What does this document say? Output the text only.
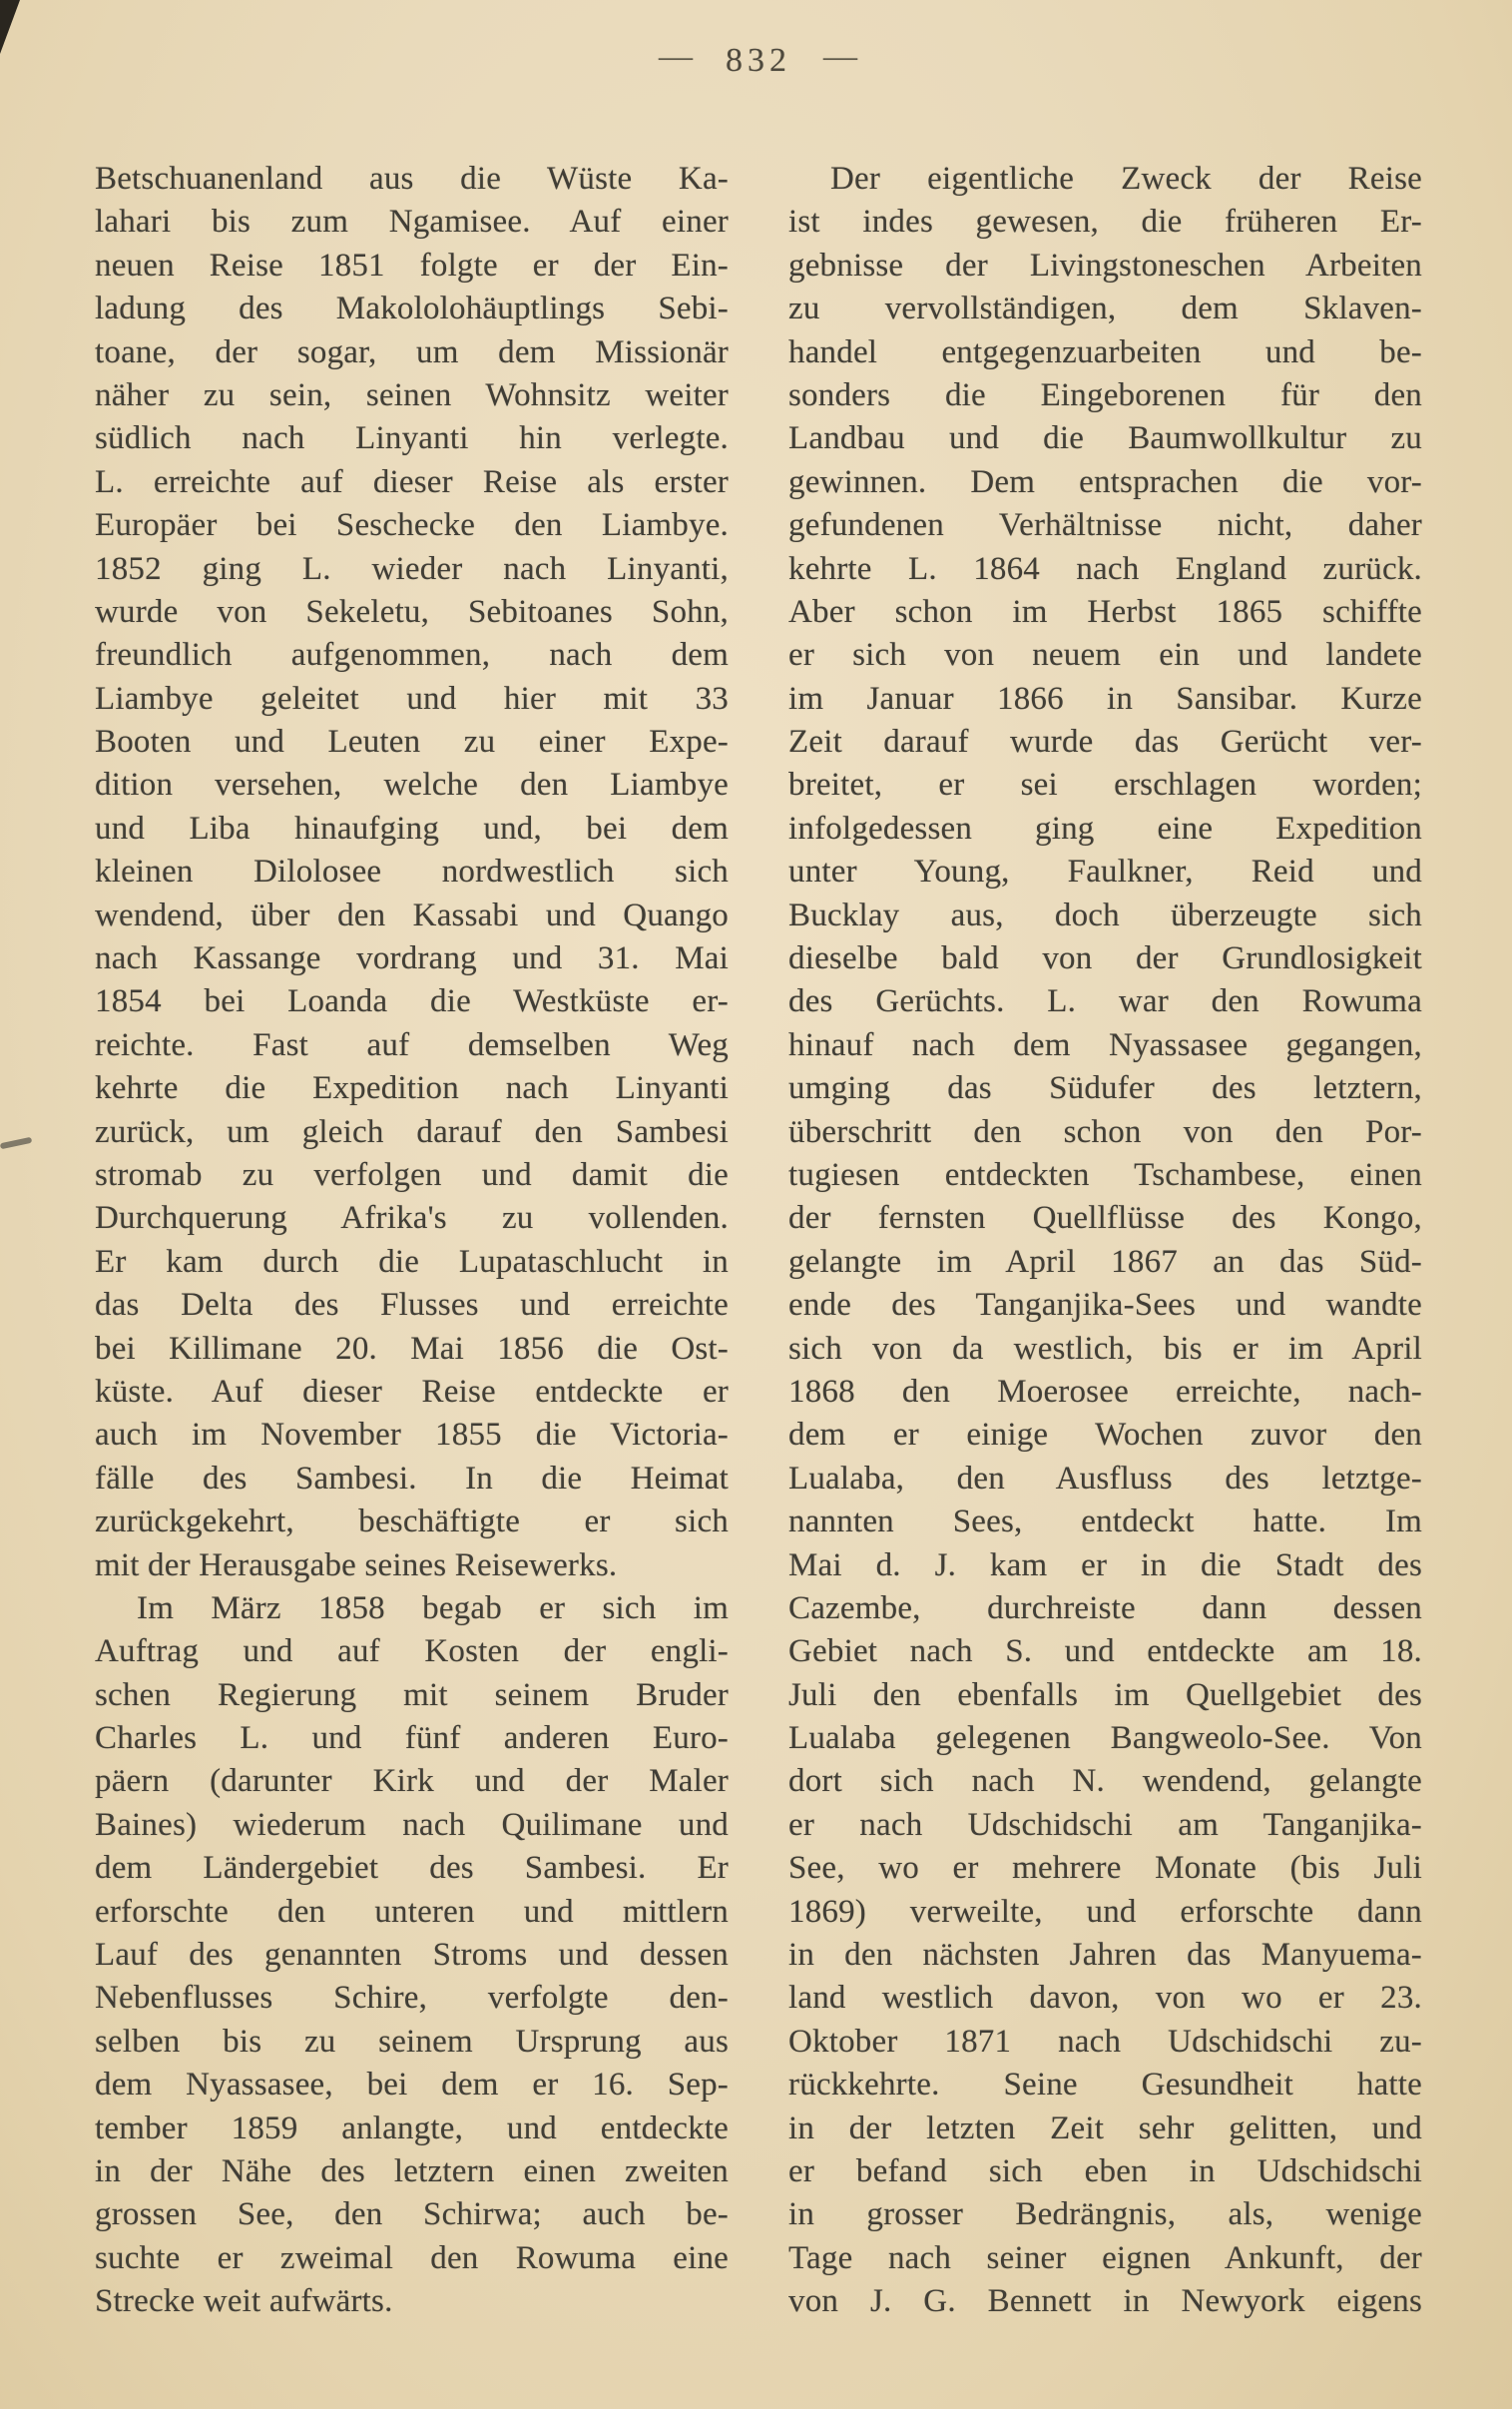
— 832 —
Betschuanenland aus die Wüste Ka-
lahari bis zum Ngamisee. Auf einer
neuen Reise 1851 folgte er der Ein-
ladung des Makololohäuptlings Sebi-
toane, der sogar, um dem Missionär
näher zu sein, seinen Wohnsitz weiter
südlich nach Linyanti hin verlegte.
L. erreichte auf dieser Reise als erster
Europäer bei Seschecke den Liambye.
1852 ging L. wieder nach Linyanti,
wurde von Sekeletu, Sebitoanes Sohn,
freundlich aufgenommen, nach dem
Liambye geleitet und hier mit 33
Booten und Leuten zu einer Expe-
dition versehen, welche den Liambye
und Liba hinaufging und, bei dem
kleinen Dilolosee nordwestlich sich
wendend, über den Kassabi und Quango
nach Kassange vordrang und 31. Mai
1854 bei Loanda die Westküste er-
reichte. Fast auf demselben Weg
kehrte die Expedition nach Linyanti
zurück, um gleich darauf den Sambesi
stromab zu verfolgen und damit die
Durchquerung Afrika's zu vollenden.
Er kam durch die Lupataschlucht in
das Delta des Flusses und erreichte
bei Killimane 20. Mai 1856 die Ost-
küste. Auf dieser Reise entdeckte er
auch im November 1855 die Victoria-
fälle des Sambesi. In die Heimat
zurückgekehrt, beschäftigte er sich
mit der Herausgabe seines Reisewerks.
Im März 1858 begab er sich im
Auftrag und auf Kosten der engli-
schen Regierung mit seinem Bruder
Charles L. und fünf anderen Euro-
päern (darunter Kirk und der Maler
Baines) wiederum nach Quilimane und
dem Ländergebiet des Sambesi. Er
erforschte den unteren und mittlern
Lauf des genannten Stroms und dessen
Nebenflusses Schire, verfolgte den-
selben bis zu seinem Ursprung aus
dem Nyassasee, bei dem er 16. Sep-
tember 1859 anlangte, und entdeckte
in der Nähe des letztern einen zweiten
grossen See, den Schirwa; auch be-
suchte er zweimal den Rowuma eine
Strecke weit aufwärts.
Der eigentliche Zweck der Reise
ist indes gewesen, die früheren Er-
gebnisse der Livingstoneschen Arbeiten
zu vervollständigen, dem Sklaven-
handel entgegenzuarbeiten und be-
sonders die Eingeborenen für den
Landbau und die Baumwollkultur zu
gewinnen. Dem entsprachen die vor-
gefundenen Verhältnisse nicht, daher
kehrte L. 1864 nach England zurück.
Aber schon im Herbst 1865 schiffte
er sich von neuem ein und landete
im Januar 1866 in Sansibar. Kurze
Zeit darauf wurde das Gerücht ver-
breitet, er sei erschlagen worden;
infolgedessen ging eine Expedition
unter Young, Faulkner, Reid und
Bucklay aus, doch überzeugte sich
dieselbe bald von der Grundlosigkeit
des Gerüchts. L. war den Rowuma
hinauf nach dem Nyassasee gegangen,
umging das Südufer des letztern,
überschritt den schon von den Por-
tugiesen entdeckten Tschambese, einen
der fernsten Quellflüsse des Kongo,
gelangte im April 1867 an das Süd-
ende des Tanganjika-Sees und wandte
sich von da westlich, bis er im April
1868 den Moerosee erreichte, nach-
dem er einige Wochen zuvor den
Lualaba, den Ausfluss des letztge-
nannten Sees, entdeckt hatte. Im
Mai d. J. kam er in die Stadt des
Cazembe, durchreiste dann dessen
Gebiet nach S. und entdeckte am 18.
Juli den ebenfalls im Quellgebiet des
Lualaba gelegenen Bangweolo-See. Von
dort sich nach N. wendend, gelangte
er nach Udschidschi am Tanganjika-
See, wo er mehrere Monate (bis Juli
1869) verweilte, und erforschte dann
in den nächsten Jahren das Manyuema-
land westlich davon, von wo er 23.
Oktober 1871 nach Udschidschi zu-
rückkehrte. Seine Gesundheit hatte
in der letzten Zeit sehr gelitten, und
er befand sich eben in Udschidschi
in grosser Bedrängnis, als, wenige
Tage nach seiner eignen Ankunft, der
von J. G. Bennett in Newyork eigens
